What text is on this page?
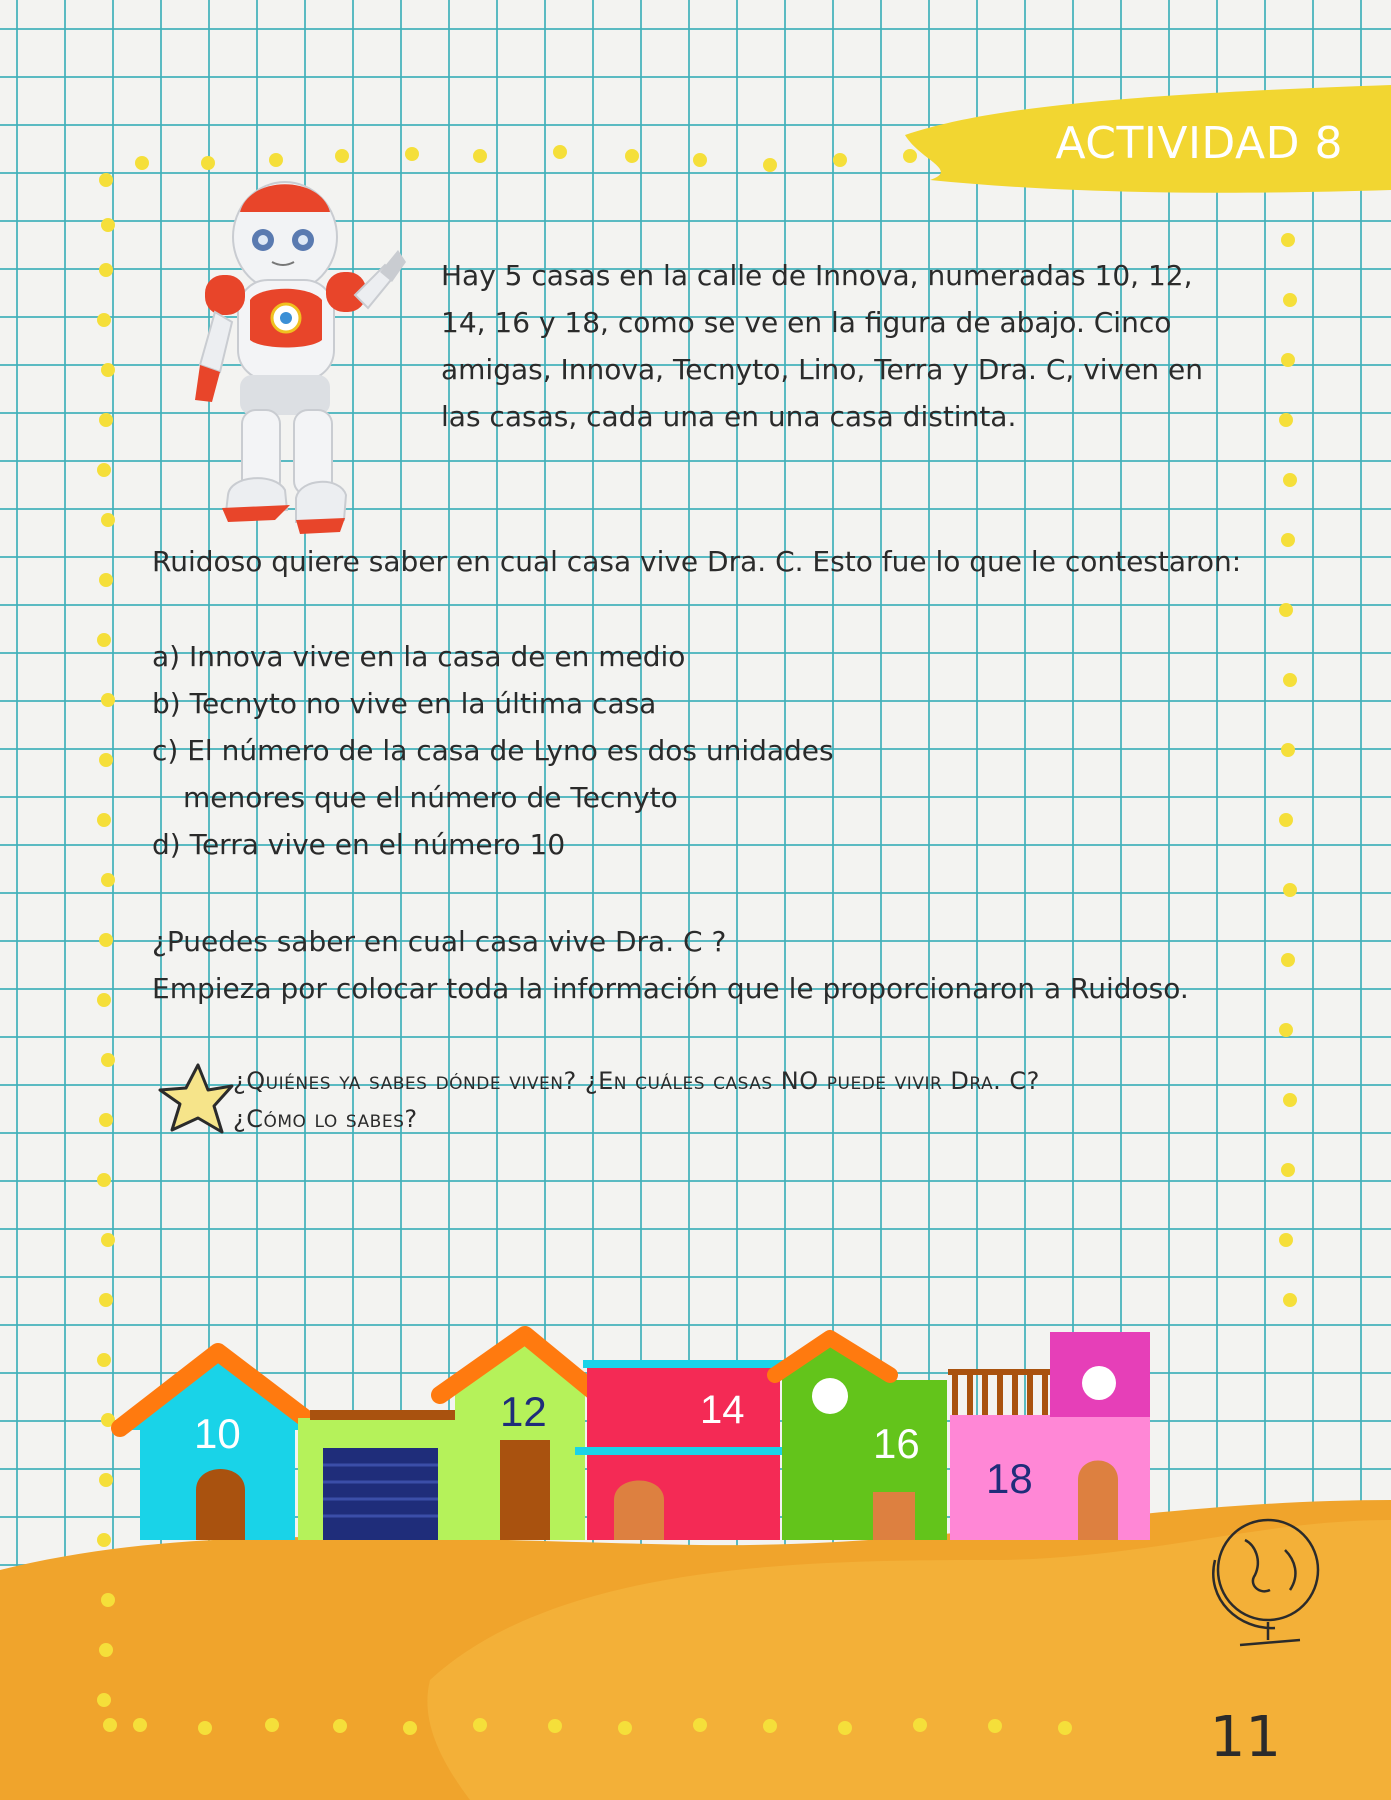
ACTIVIDAD 8
Hay 5 casas en la calle de Innova, numeradas 10, 12, 14, 16 y 18, como se ve en la figura de abajo. Cinco amigas, Innova, Tecnyto, Lino, Terra y Dra. C, viven en las casas, cada una en una casa distinta.
Ruidoso quiere saber en cual casa vive Dra. C. Esto fue lo que le contestaron:
a) Innova vive en la casa de en medio
b) Tecnyto no vive en la última casa
c) El número de la casa de Lyno es dos unidades
menores que el número de Tecnyto
d) Terra vive en el número 10
¿Puedes saber en cual casa vive Dra. C ?
Empieza por colocar toda la información que le proporcionaron a Ruidoso.
¿Quiénes ya sabes dónde viven? ¿En cuáles casas NO puede vivir Dra. C?
¿Cómo lo sabes?
10	12	14
16
18
11
